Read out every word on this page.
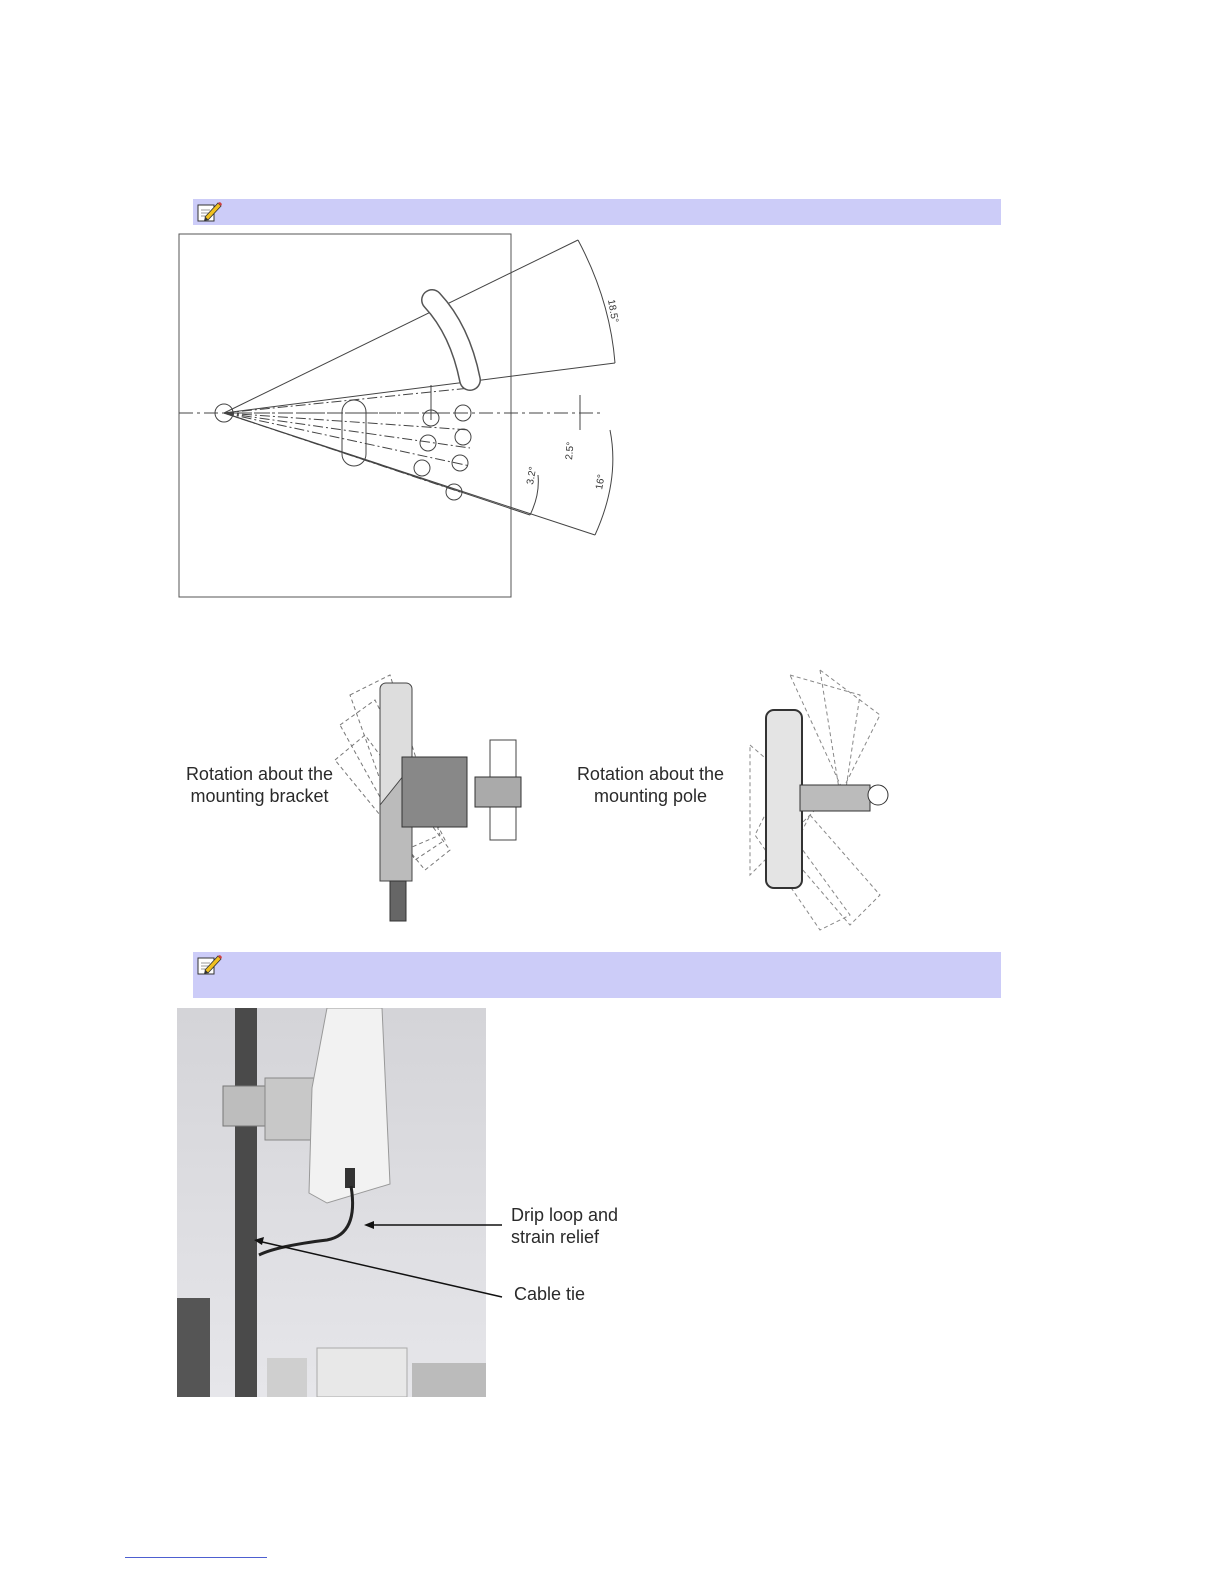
18.5°
2.5°
16°
3.2°
Rotation about the mounting bracket
Rotation about the mounting pole
Drip loop and
strain relief
Cable tie
